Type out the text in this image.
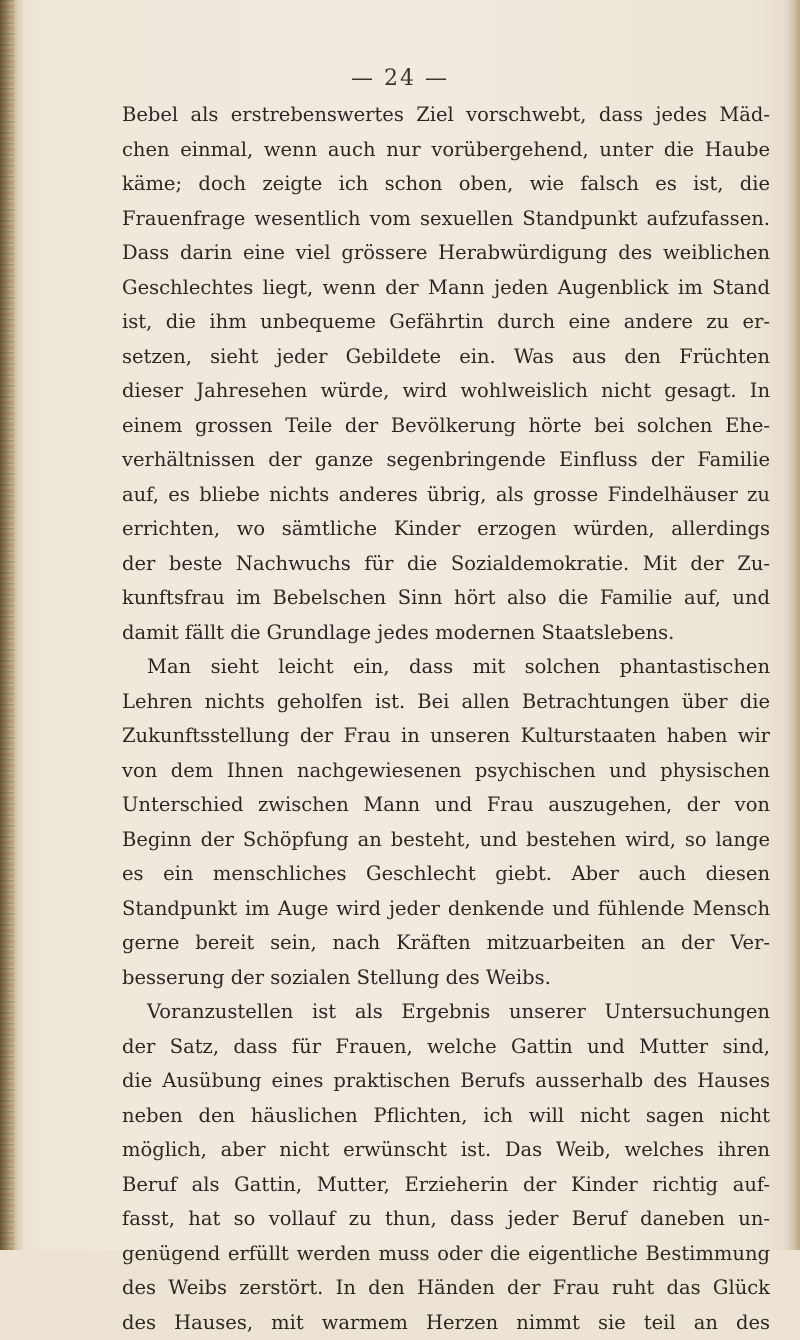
— 24 —
Bebel als erstrebenswertes Ziel vorschwebt, dass jedes Mäd-
chen einmal, wenn auch nur vorübergehend, unter die Haube
käme; doch zeigte ich schon oben, wie falsch es ist, die
Frauenfrage wesentlich vom sexuellen Standpunkt aufzufassen.
Dass darin eine viel grössere Herabwürdigung des weiblichen
Geschlechtes liegt, wenn der Mann jeden Augenblick im Stand
ist, die ihm unbequeme Gefährtin durch eine andere zu er-
setzen, sieht jeder Gebildete ein. Was aus den Früchten
dieser Jahresehen würde, wird wohlweislich nicht gesagt. In
einem grossen Teile der Bevölkerung hörte bei solchen Ehe-
verhältnissen der ganze segenbringende Einfluss der Familie
auf, es bliebe nichts anderes übrig, als grosse Findelhäuser zu
errichten, wo sämtliche Kinder erzogen würden, allerdings
der beste Nachwuchs für die Sozialdemokratie. Mit der Zu-
kunftsfrau im Bebelschen Sinn hört also die Familie auf, und
damit fällt die Grundlage jedes modernen Staatslebens.
Man sieht leicht ein, dass mit solchen phantastischen
Lehren nichts geholfen ist. Bei allen Betrachtungen über die
Zukunftsstellung der Frau in unseren Kulturstaaten haben wir
von dem Ihnen nachgewiesenen psychischen und physischen
Unterschied zwischen Mann und Frau auszugehen, der von
Beginn der Schöpfung an besteht, und bestehen wird, so lange
es ein menschliches Geschlecht giebt. Aber auch diesen
Standpunkt im Auge wird jeder denkende und fühlende Mensch
gerne bereit sein, nach Kräften mitzuarbeiten an der Ver-
besserung der sozialen Stellung des Weibs.
Voranzustellen ist als Ergebnis unserer Untersuchungen
der Satz, dass für Frauen, welche Gattin und Mutter sind,
die Ausübung eines praktischen Berufs ausserhalb des Hauses
neben den häuslichen Pflichten, ich will nicht sagen nicht
möglich, aber nicht erwünscht ist. Das Weib, welches ihren
Beruf als Gattin, Mutter, Erzieherin der Kinder richtig auf-
fasst, hat so vollauf zu thun, dass jeder Beruf daneben un-
genügend erfüllt werden muss oder die eigentliche Bestimmung
des Weibs zerstört. In den Händen der Frau ruht das Glück
des Hauses, mit warmem Herzen nimmt sie teil an des
